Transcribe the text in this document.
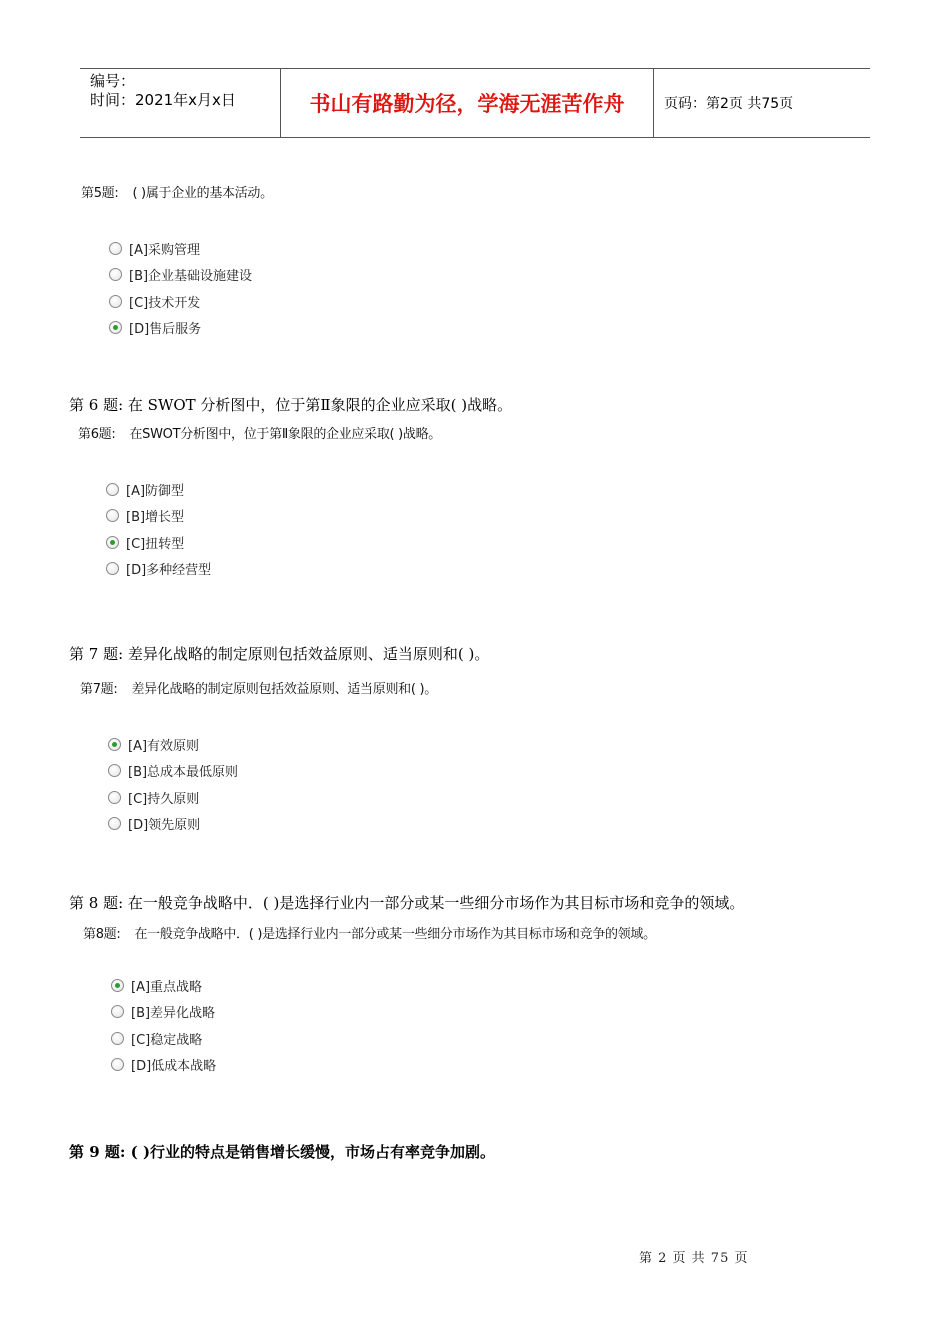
编号：
时间：2021年x月x日	书山有路勤为径，学海无涯苦作舟	页码：第2页 共75页
第5题: ( )属于企业的基本活动。
[A]采购管理
[B]企业基础设施建设
[C]技术开发
[D]售后服务
第 6 题: 在 SWOT 分析图中，位于第Ⅱ象限的企业应采取( )战略。
第6题: 在SWOT分析图中，位于第Ⅱ象限的企业应采取( )战略。
[A]防御型
[B]增长型
[C]扭转型
[D]多种经营型
第 7 题: 差异化战略的制定原则包括效益原则、适当原则和( )。
第7题: 差异化战略的制定原则包括效益原则、适当原则和( )。
[A]有效原则
[B]总成本最低原则
[C]持久原则
[D]领先原则
第 8 题: 在一般竞争战略中．( )是选择行业内一部分或某一些细分市场作为其目标市场和竞争的领域。
第8题: 在一般竞争战略中．( )是选择行业内一部分或某一些细分市场作为其目标市场和竞争的领域。
[A]重点战略
[B]差异化战略
[C]稳定战略
[D]低成本战略
第 9 题: ( )行业的特点是销售增长缓慢，市场占有率竞争加剧。
第 2 页 共 75 页
